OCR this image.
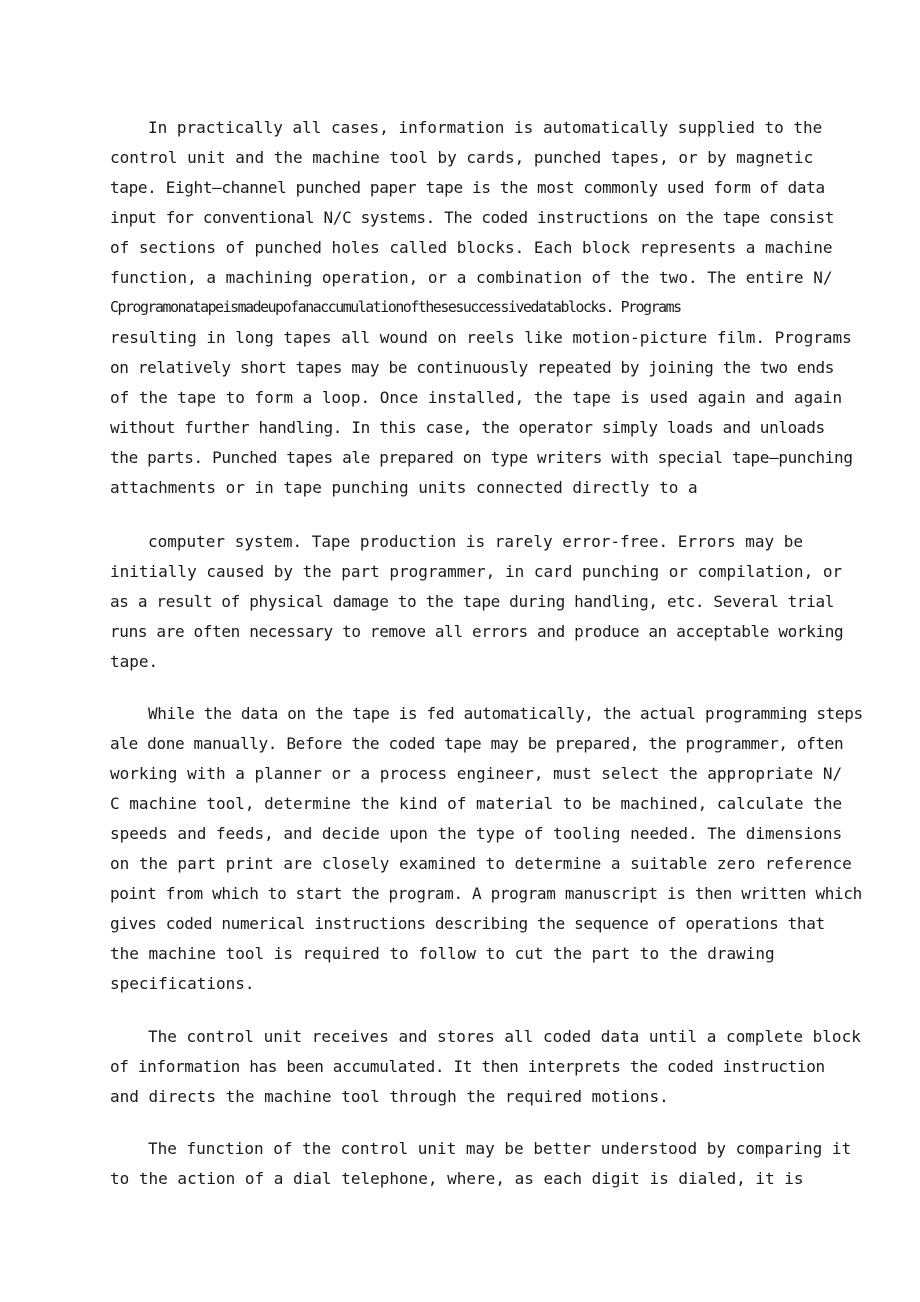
In practically all cases, information is automatically supplied to the
control unit and the machine tool by cards, punched tapes, or by magnetic
tape. Eight—channel punched paper tape is the most commonly used form of data
input for conventional N/C systems. The coded instructions on the tape consist
of sections of punched holes called blocks. Each block represents a machine
function, a machining operation, or a combination of the two. The entire N/
Cprogramonatapeismadeupofanaccumulationofthesesuccessivedatablocks. Programs
resulting in long tapes all wound on reels like motion-picture film. Programs
on relatively short tapes may be continuously repeated by joining the two ends
of the tape to form a loop. Once installed, the tape is used again and again
without further handling. In this case, the operator simply loads and unloads
the parts. Punched tapes ale prepared on type writers with special tape—punching
attachments or in tape punching units connected directly to a
computer system. Tape production is rarely error-free. Errors may be
initially caused by the part programmer, in card punching or compilation, or
as a result of physical damage to the tape during handling, etc. Several trial
runs are often necessary to remove all errors and produce an acceptable working
tape.
While the data on the tape is fed automatically, the actual programming steps
ale done manually. Before the coded tape may be prepared, the programmer, often
working with a planner or a process engineer, must select the appropriate N/
C machine tool, determine the kind of material to be machined, calculate the
speeds and feeds, and decide upon the type of tooling needed. The dimensions
on the part print are closely examined to determine a suitable zero reference
point from which to start the program. A program manuscript is then written which
gives coded numerical instructions describing the sequence of operations that
the machine tool is required to follow to cut the part to the drawing
specifications.
The control unit receives and stores all coded data until a complete block
of information has been accumulated. It then interprets the coded instruction
and directs the machine tool through the required motions.
The function of the control unit may be better understood by comparing it
to the action of a dial telephone, where, as each digit is dialed, it is
